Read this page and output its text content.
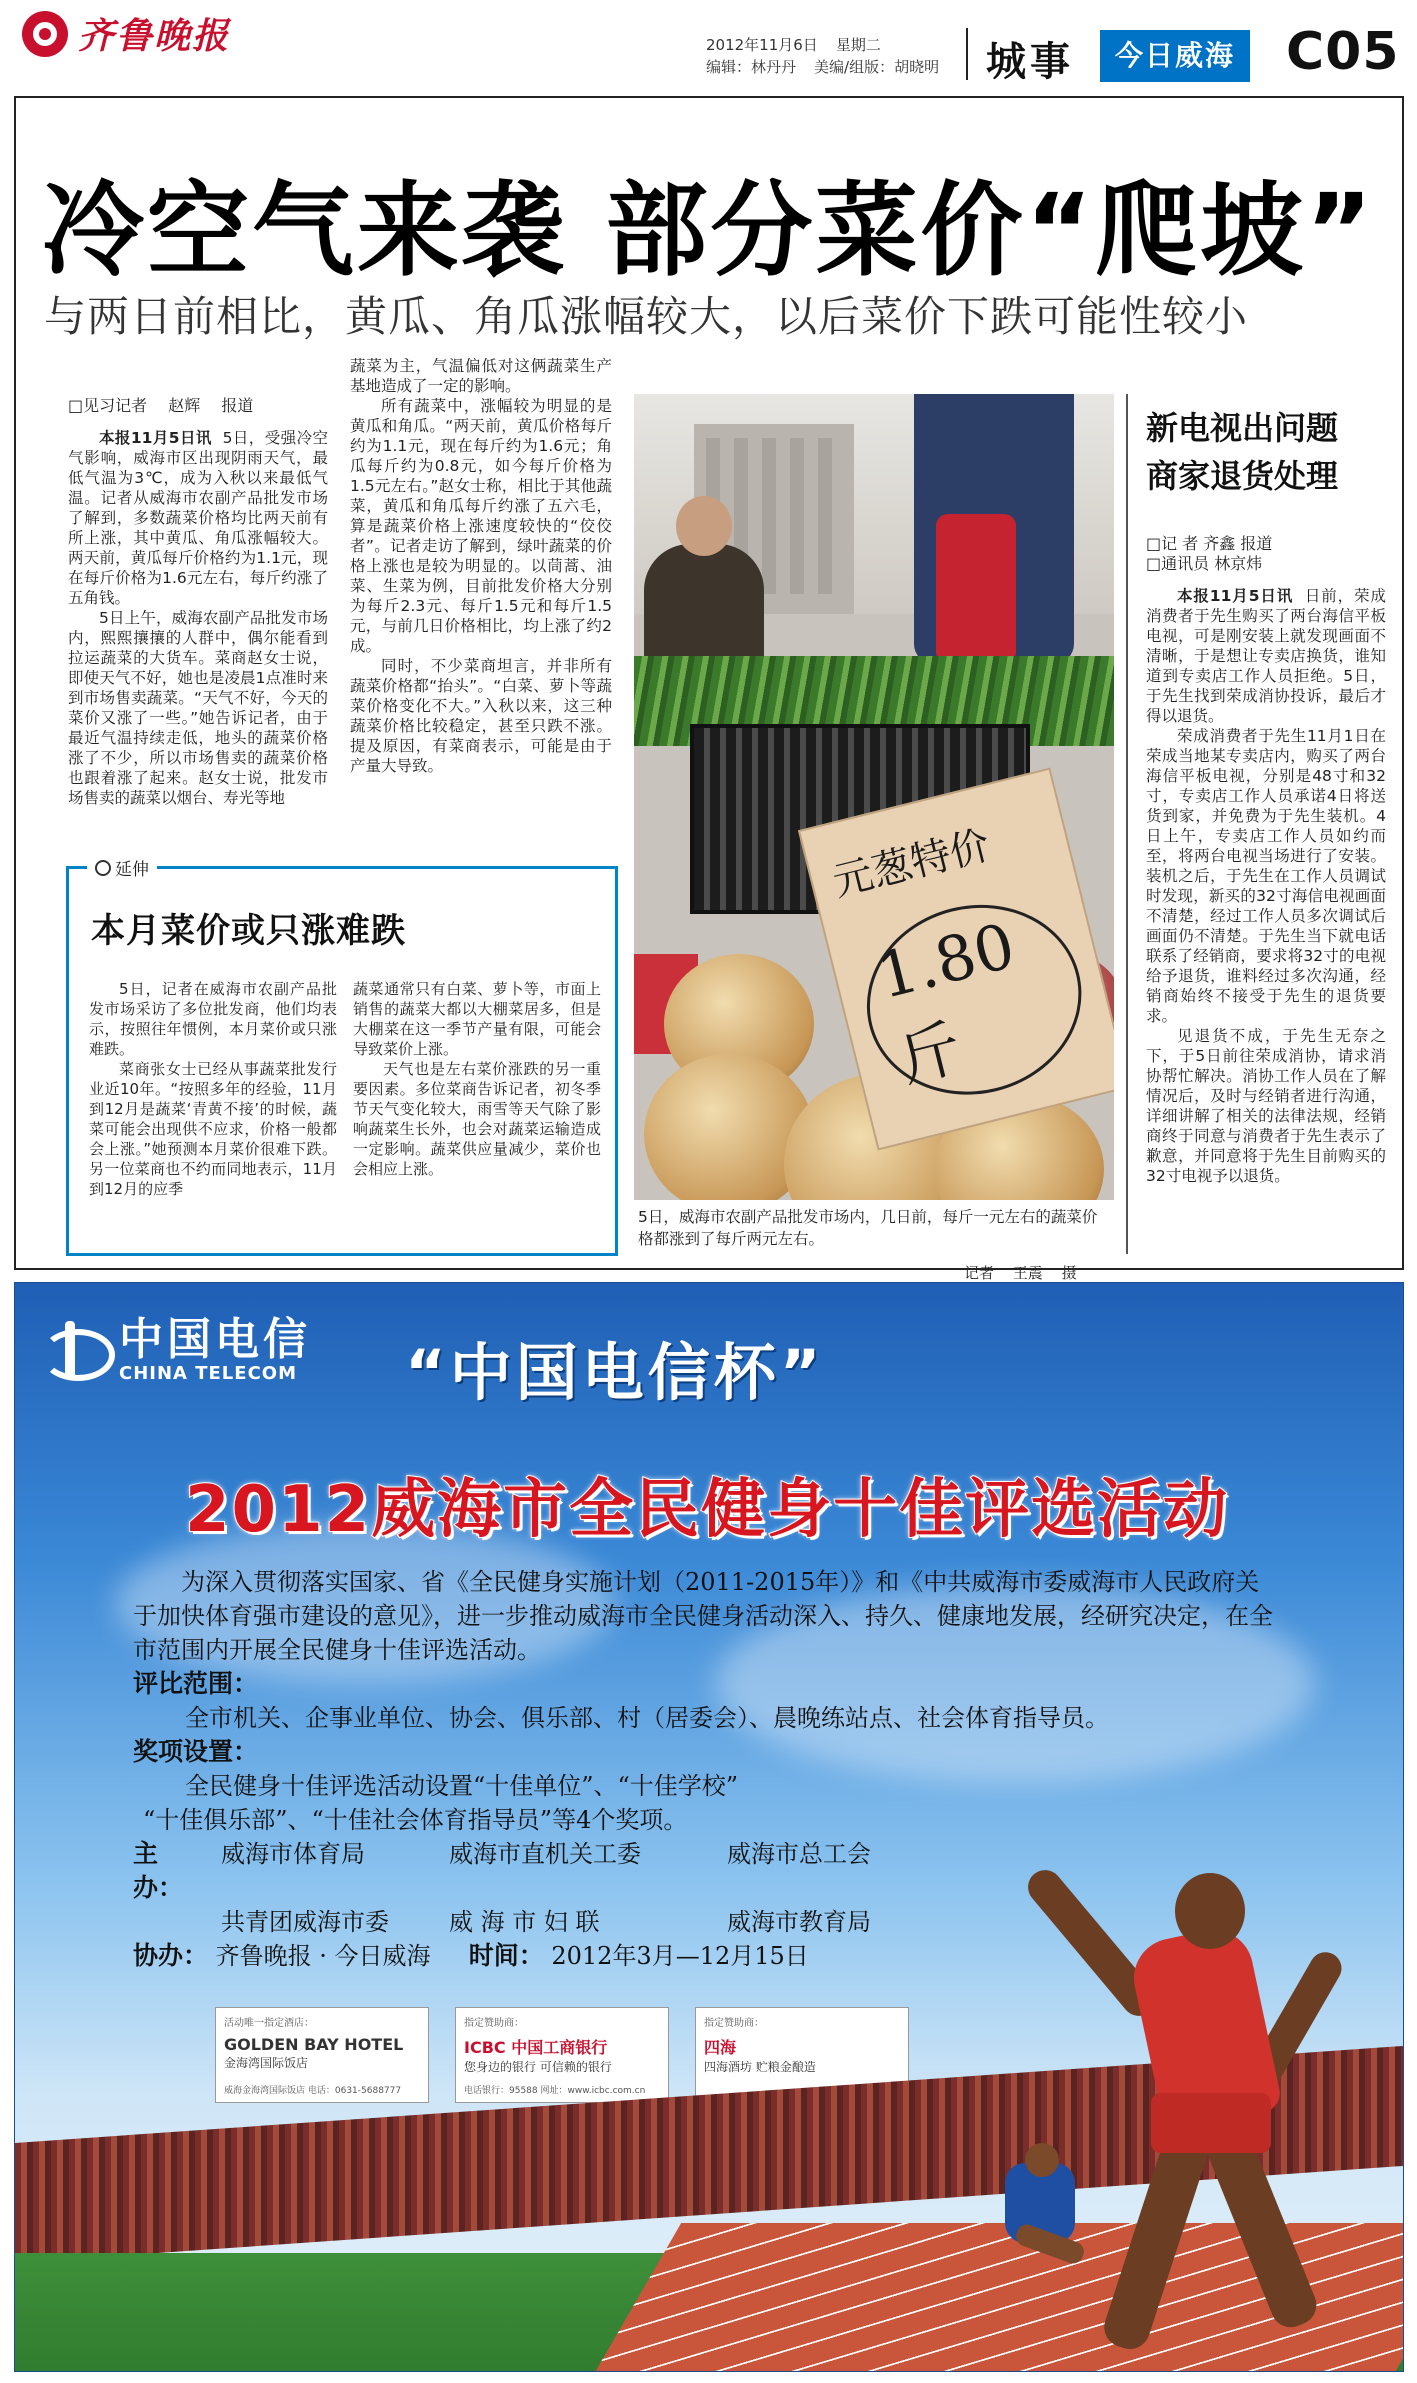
齐鲁晚报	2012年11月6日 星期二
编辑：林丹丹 美编/组版：胡晓明 城事	今日威海 C05
冷空气来袭 部分菜价“爬坡”
与两日前相比，黄瓜、角瓜涨幅较大，以后菜价下跌可能性较小

□见习记者 赵辉 报道

本报11月5日讯 5日，受强冷空气影响，威海市区出现阴雨天气，最低气温为3℃，成为入秋以来最低气温。记者从威海市农副产品批发市场了解到，多数蔬菜价格均比两天前有所上涨，其中黄瓜、角瓜涨幅较大。两天前，黄瓜每斤价格约为1.1元，现在每斤价格为1.6元左右，每斤约涨了五角钱。

5日上午，威海农副产品批发市场内，熙熙攘攘的人群中，偶尔能看到拉运蔬菜的大货车。菜商赵女士说，即使天气不好，她也是凌晨1点准时来到市场售卖蔬菜。“天气不好，今天的菜价又涨了一些。”她告诉记者，由于最近气温持续走低，地头的蔬菜价格涨了不少，所以市场售卖的蔬菜价格也跟着涨了起来。赵女士说，批发市场售卖的蔬菜以烟台、寿光等地

蔬菜为主，气温偏低对这俩蔬菜生产基地造成了一定的影响。

所有蔬菜中，涨幅较为明显的是黄瓜和角瓜。“两天前，黄瓜价格每斤约为1.1元，现在每斤约为1.6元；角瓜每斤约为0.8元，如今每斤价格为1.5元左右。”赵女士称，相比于其他蔬菜，黄瓜和角瓜每斤约涨了五六毛，算是蔬菜价格上涨速度较快的“佼佼者”。记者走访了解到，绿叶蔬菜的价格上涨也是较为明显的。以茼蒿、油菜、生菜为例，目前批发价格大分别为每斤2.3元、每斤1.5元和每斤1.5元，与前几日价格相比，均上涨了约2成。

同时，不少菜商坦言，并非所有蔬菜价格都“抬头”。“白菜、萝卜等蔬菜价格变化不大。”入秋以来，这三种蔬菜价格比较稳定，甚至只跌不涨。提及原因，有菜商表示，可能是由于产量大导致。

元葱特价
1.80斤
5日，威海市农副产品批发市场内，几日前，每斤一元左右的蔬菜价格都涨到了每斤两元左右。
记者 王震 摄
新电视出问题
商家退货处理

□记 者 齐鑫 报道

□通讯员 林京炜

本报11月5日讯 日前，荣成消费者于先生购买了两台海信平板电视，可是刚安装上就发现画面不清晰，于是想让专卖店换货，谁知道到专卖店工作人员拒绝。5日，于先生找到荣成消协投诉，最后才得以退货。

荣成消费者于先生11月1日在荣成当地某专卖店内，购买了两台海信平板电视，分别是48寸和32寸，专卖店工作人员承诺4日将送货到家，并免费为于先生装机。4日上午，专卖店工作人员如约而至，将两台电视当场进行了安装。装机之后，于先生在工作人员调试时发现，新买的32寸海信电视画面不清楚，经过工作人员多次调试后画面仍不清楚。于先生当下就电话联系了经销商，要求将32寸的电视给予退货，谁料经过多次沟通，经销商始终不接受于先生的退货要求。

见退货不成，于先生无奈之下，于5日前往荣成消协，请求消协帮忙解决。消协工作人员在了解情况后，及时与经销者进行沟通，详细讲解了相关的法律法规，经销商终于同意与消费者于先生表示了歉意，并同意将于先生目前购买的32寸电视予以退货。

延伸
本月菜价或只涨难跌

5日，记者在威海市农副产品批发市场采访了多位批发商，他们均表示，按照往年惯例，本月菜价或只涨难跌。

菜商张女士已经从事蔬菜批发行业近10年。“按照多年的经验，11月到12月是蔬菜‘青黄不接’的时候，蔬菜可能会出现供不应求，价格一般都会上涨。”她预测本月菜价很难下跌。另一位菜商也不约而同地表示，11月到12月的应季

蔬菜通常只有白菜、萝卜等，市面上销售的蔬菜大都以大棚菜居多，但是大棚菜在这一季节产量有限，可能会导致菜价上涨。

天气也是左右菜价涨跌的另一重要因素。多位菜商告诉记者，初冬季节天气变化较大，雨雪等天气除了影响蔬菜生长外，也会对蔬菜运输造成一定影响。蔬菜供应量减少，菜价也会相应上涨。

中国电信
CHINA TELECOM “中国电信杯”
2012威海市全民健身十佳评选活动

为深入贯彻落实国家、省《全民健身实施计划（2011-2015年）》和《中共威海市委威海市人民政府关于加快体育强市建设的意见》，进一步推动威海市全民健身活动深入、持久、健康地发展，经研究决定，在全市范围内开展全民健身十佳评选活动。

评比范围：

全市机关、企事业单位、协会、俱乐部、村（居委会）、晨晚练站点、社会体育指导员。

奖项设置：

全民健身十佳评选活动设置“十佳单位”、“十佳学校”

“十佳俱乐部”、“十佳社会体育指导员”等4个奖项。

主办：
威海市体育局	威海市直机关工委	威海市总工会
共青团威海市委	威 海 市 妇 联	威海市教育局

协办： 齐鲁晚报 · 今日威海 时间： 2012年3月—12月15日

活动唯一指定酒店：
GOLDEN BAY HOTEL
金海湾国际饭店
威海金海湾国际饭店 电话：0631-5688777
指定赞助商：
ICBC 中国工商银行
您身边的银行 可信赖的银行
电话银行：95588 网址：www.icbc.com.cn
指定赞助商：
四海
四海酒坊 贮粮金酿造
